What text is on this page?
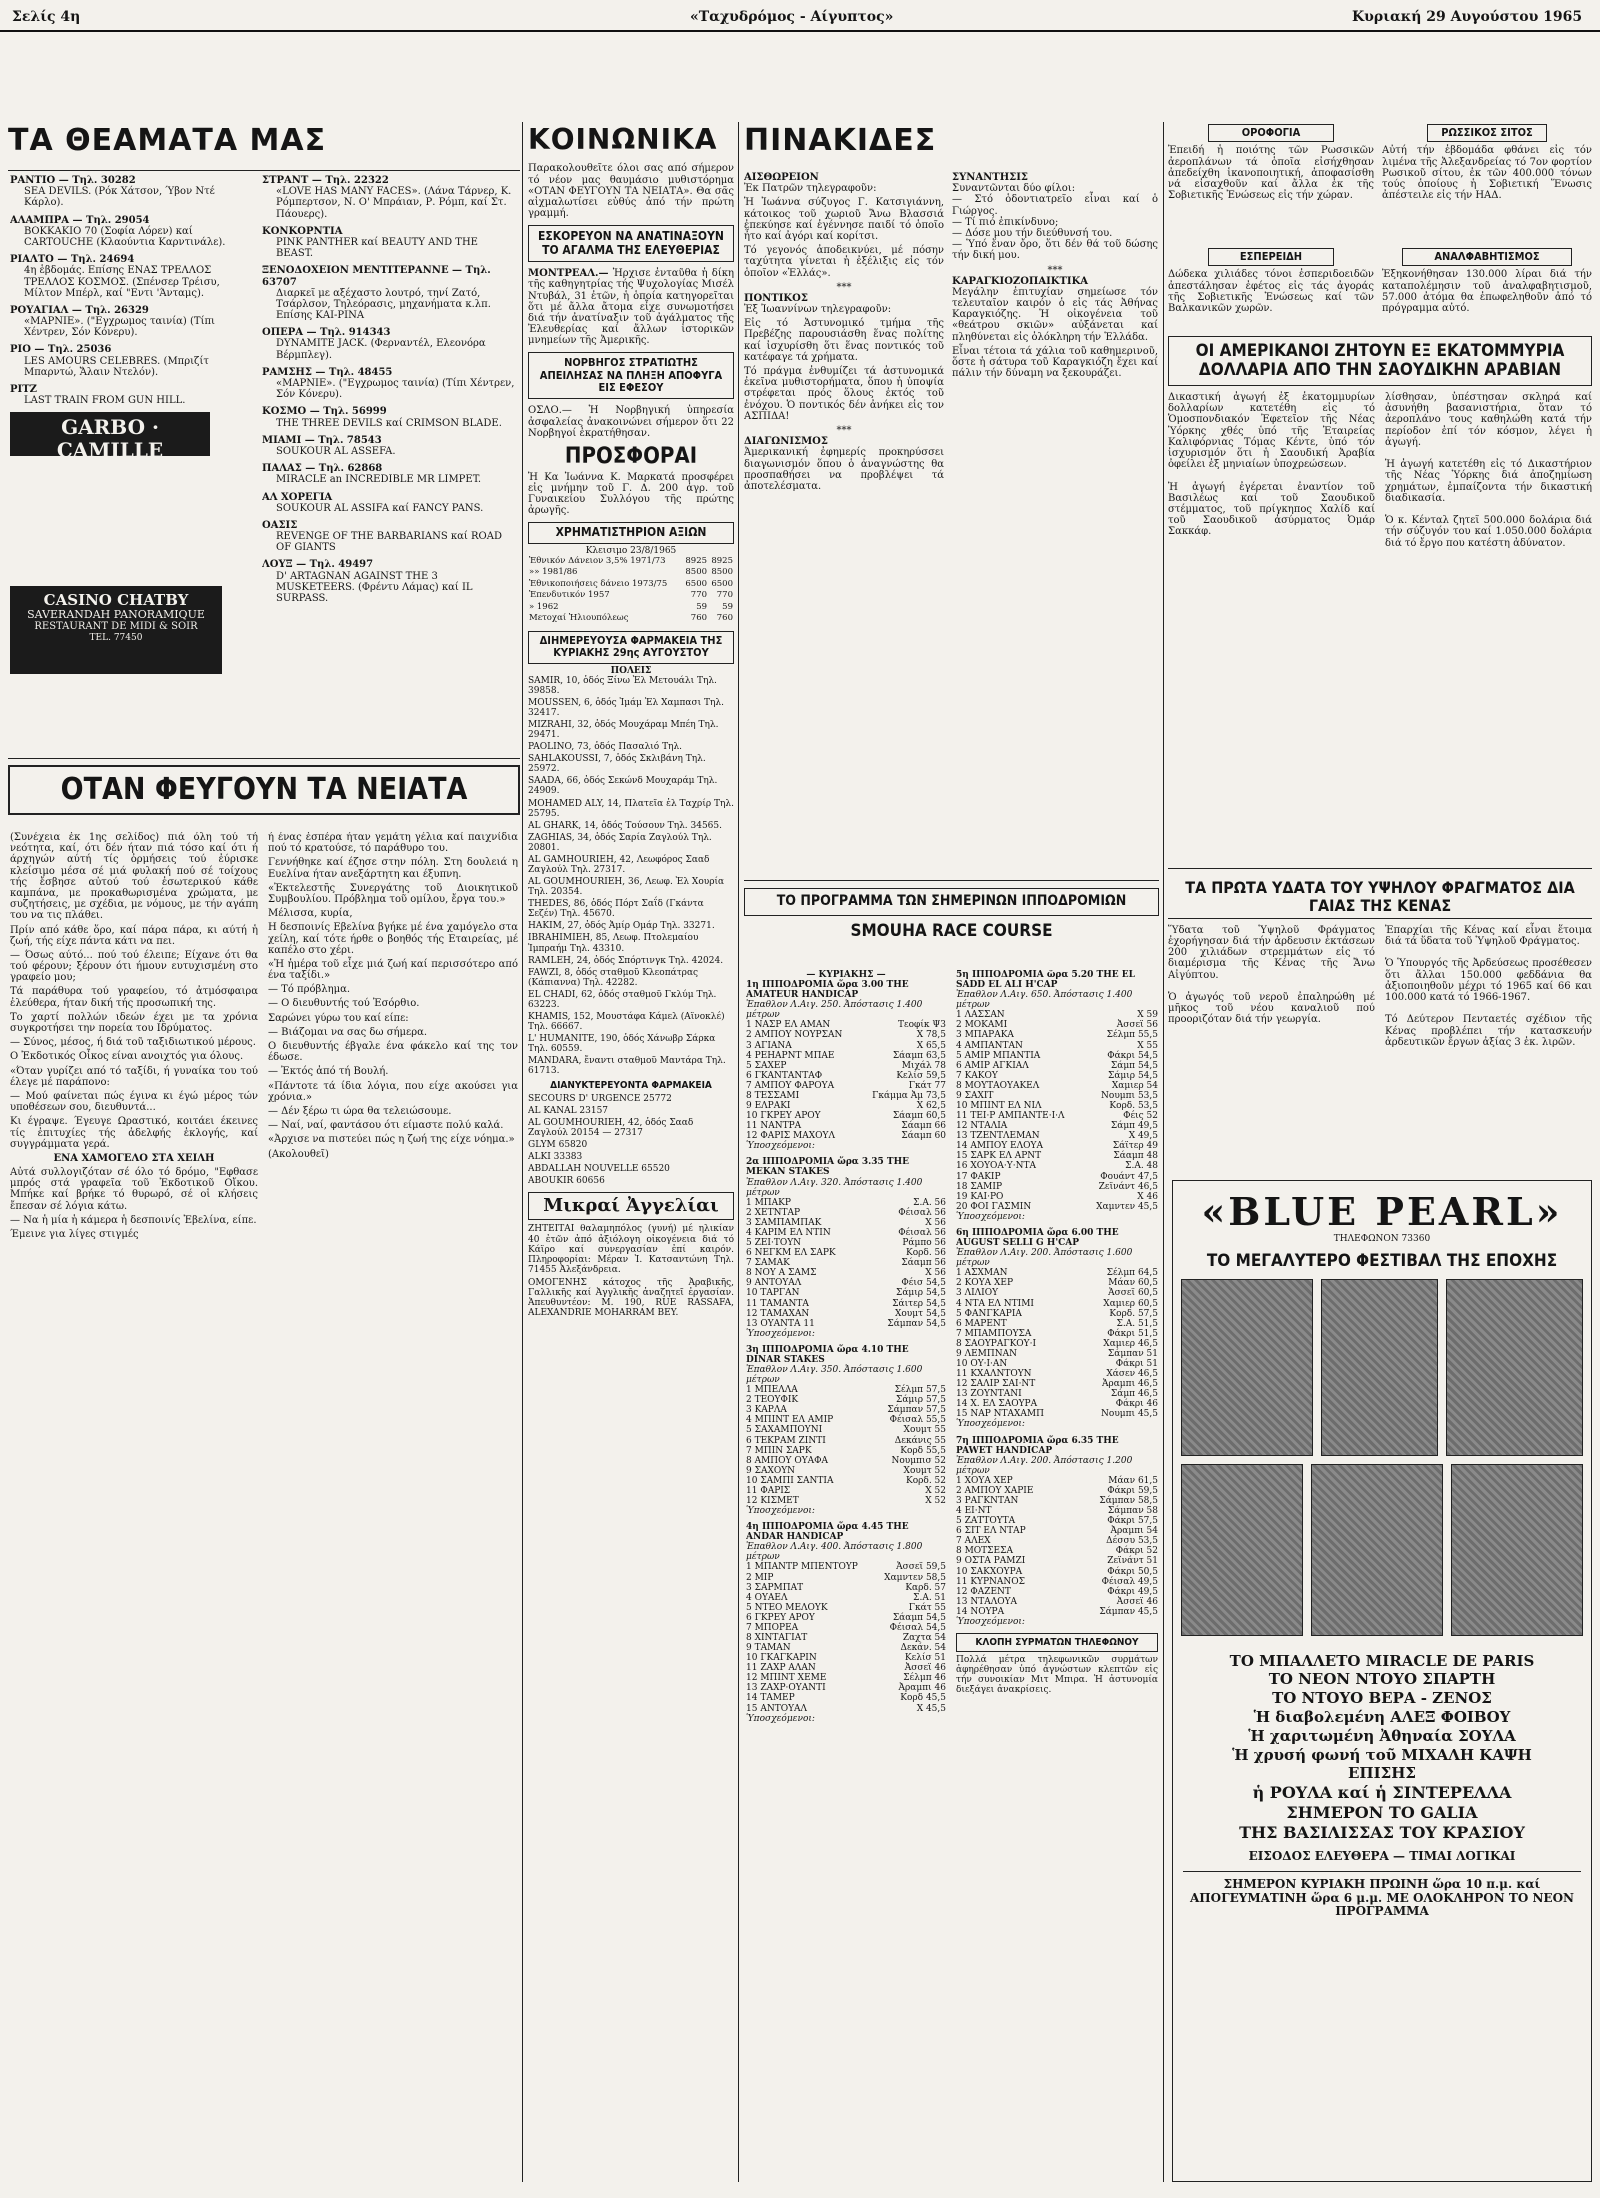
Σελίς 4η	«Ταχυδρόμος - Αίγυπτος»	Κυριακή 29 Αυγούστου 1965
ΤΑ ΘΕΑΜΑΤΑ ΜΑΣ
ΡΑΝΤΙΟ — Τηλ. 30282
SEA DEVILS. (Ρόκ Χάτσον, Ύβον Ντέ Κάρλο).
ΑΛΑΜΠΡΑ — Τηλ. 29054
ΒΟΚΚΑΚΙΟ 70 (Σοφία Λόρεν) καί CARTOUCHE (Κλαούντια Καρντινάλε).
ΡΙΑΛΤΟ — Τηλ. 24694
4η ἑβδομάς. Επίσης ΕΝΑΣ ΤΡΕΛΛΟΣ ΤΡΕΛΛΟΣ ΚΟΣΜΟΣ. (Σπένσερ Τρέισυ, Μίλτον Μπέρλ, καί "Εντι 'Άνταμς).
ΡΟΥΑΓΙΑΛ — Τηλ. 26329
«ΜΑΡΝΙΕ». ("Εγχρωμος ταινία) (Τίπι Χέντρεν, Σόν Κόνερυ).
ΡΙΟ — Τηλ. 25036
LES AMOURS CELEBRES. (Μπριζίτ Μπαρντώ, Ἄλαιν Ντελόν).
ΡΙΤΖ
LAST TRAIN FROM GUN HILL.
GARBO · CAMILLE
Metro · ROBERT TAYLOR
CASINO CHATBY
SAVERANDAH PANORAMIQUE
RESTAURANT DE MIDI & SOIR
TEL. 77450
ΣΤΡΑΝΤ — Τηλ. 22322
«LOVE HAS MANY FACES». (Λάνα Τάρνερ, Κ. Ρόμπερτσον, Ν. Ο' Μπράιαν, Ρ. Ρόμπ, καί Στ. Πάουερς).
ΚΟΝΚΟΡΝΤΙΑ
PINK PANTHER καί BEAUTY AND THE BEAST.
ΞΕΝΟΔΟΧΕΙΟΝ ΜΕΝΤΙΤΕΡΑΝΝΕ — Τηλ. 63707
Διαρκεῖ με αξέχαστο λουτρό, τηνί Ζατό, Τσάρλσον, Τηλεόρασις, μηχανήματα κ.λπ. Επίσης ΚΑΙ-ΡΙΝΑ
ΟΠΕΡΑ — Τηλ. 914343
DYNAMITE JACK. (Φερναντέλ, Ελεονόρα Βέρμπλεγ).
ΡΑΜΣΗΣ — Τηλ. 48455
«ΜΑΡΝΙΕ». ("Εγχρωμος ταινία) (Τίπι Χέντρεν, Σόν Κόνερυ).
ΚΟΣΜΟ — Τηλ. 56999
THE THREE DEVILS καί CRIMSON BLADE.
ΜΙΑΜΙ — Τηλ. 78543
SOUKOUR AL ASSEFA.
ΠΑΛΑΣ — Τηλ. 62868
MIRACLE an INCREDIBLE MR LIMPET.
ΑΛ ΧΟΡΕΓΙΑ
SOUKOUR AL ASSIFA καί FANCY PANS.
ΟΑΣΙΣ
REVENGE OF THE BARBARIANS καί ROAD OF GIANTS
ΛΟΥΞ — Τηλ. 49497
D' ARTAGNAN AGAINST THE 3 MUSKETEERS. (Φρέντυ Λάμας) καί IL SURPASS.
ΟΤΑΝ ΦΕΥΓΟΥΝ ΤΑ ΝΕΙΑΤΑ

(Συνέχεια ἐκ 1ης σελίδος) πιά όλη τού τή νεότητα, καί, ότι δέν ήταν πιά τόσο καί ότι ή άρχηγών αύτή τίς ὀρμήσεις τού ἐύρισκε κλείσιμο μέσα σέ μιά φυλακή πού σέ τοίχους τής ἔσβησε αὐτού τού ἐσωτερικού κάθε καμπάνα, με προκαθωρισμένα χρώματα, με συζητήσεις, με σχέδια, με νόμους, με τήν αγάπη του να τις πλάθει.

Πρίν από κάθε ὅρο, καί πάρα πάρα, κι αύτή ἡ ζωή, τής είχε πάντα κάτι να πει.

— Όσως αύτό... πού τού έλειπε; Είχανε ότι θα τού φέρουν; ξέρουν ότι ήμουν ευτυχισμένη στο γραφείο μου;

Τά παράθυρα τού γραφείου, τό ἀτμόσφαιρα ἐλεύθερα, ήταν δική τής προσωπική της.

Το χαρτί πολλών ιδεών έχει με τα χρόνια συγκροτήσει την πορεία του Ιδρύματος.

— Σύνος, μέσος, ή διά τοῦ ταξιδιωτικού μέρους.

Ο Ἐκδοτικός Οἶκος είναι ανοιχτός για όλους.

«Όταν γυρίζει από τό ταξίδι, ή γυναίκα του τού έλεγε μέ παράπονο:

— Μού φαίνεται πώς έγινα κι έγώ μέρος τών υποθέσεων σου, διευθυντά...

Κι έγραψε. Έγευγε Ωραστικό, κοιτάει έκεινες τίς ἐπιτυχίες τής ἀδελφής ἐκλογής, καί συγγράμματα γερά.

ΕΝΑ ΧΑΜΟΓΕΛΟ ΣΤΑ ΧΕΙΛΗ

Αὐτά συλλογιζόταν σέ όλο τό δρόμο, "Εφθασε μπρός στά γραφεῖα τοῦ Ἐκδοτικοῦ Οἴκου. Μπήκε καί βρήκε τό θυρωρό, σέ οἱ κλήσεις ἔπεσαν σέ λόγια κάτω.

— Να ἡ μία ἡ κάμερα ἡ δεσποινίς Ἐβελίνα, είπε.

Έμεινε για λίγες στιγμές

ή ένας ἐσπέρα ήταν γεμάτη γέλια καί παιχνίδια πού τό κρατούσε, τό παράθυρο του.

Γεννήθηκε καί έζησε στην πόλη. Στη δουλειά η Ευελίνα ήταν ανεξάρτητη και έξυπνη.

«Ἐκτελεστῆς Συνεργάτης τοῦ Διοικητικοῦ Συμβουλίου. Πρόβλημα τοῦ ομίλου, ἔργα του.»

Μέλισσα, κυρία,

Η δεσποινίς Εβελίνα βγήκε μέ ένα χαμόγελο στα χείλη, καί τότε ήρθε ο βοηθός τής Εταιρείας, μέ καπέλο στο χέρι.

«Ἡ ἡμέρα τοῦ εἶχε μιά ζωή καί περισσότερο από ένα ταξίδι.»

— Τό πρόβλημα.

— Ο διευθυντής τού Ἐσόρθιο.

Σαρώνει γύρω του καί είπε:

— Βιάζομαι να σας δω σήμερα.

Ο διευθυντής έβγαλε ένα φάκελο καί της τον έδωσε.

— Ἐκτός ἀπό τή Βουλή.

«Πάντοτε τά ίδια λόγια, που είχε ακούσει για χρόνια.»

— Δέν ξέρω τι ώρα θα τελειώσουμε.

— Ναί, ναί, φαντάσου ότι είμαστε πολύ καλά.

«Ἀρχισε να πιστεύει πώς η ζωή της είχε νόημα.»

(Ακολουθεῖ)

ΚΟΙΝΩΝΙΚΑ

Παρακολουθεῖτε όλοι σας από σήμερον τό νέον μας θαυμάσιο μυθιστόρημα «ΟΤΑΝ ΦΕΥΓΟΥΝ ΤΑ ΝΕΙΑΤΑ». Θα σᾶς αἰχμαλωτίσει εὐθύς ἀπό τήν πρώτη γραμμή.

ΕΣΚΟΡΕΥΟΝ ΝΑ ΑΝΑΤΙΝΑΞΟΥΝ ΤΟ ΑΓΑΛΜΑ ΤΗΣ ΕΛΕΥΘΕΡΙΑΣ

ΜΟΝΤΡΕΑΛ.— Ἠρχισε ἐνταῦθα ἡ δίκη τῆς καθηγητρίας τής Ψυχολογίας Μισέλ Ντυβάλ, 31 ἐτῶν, ἡ ὁποία κατηγορεῖται ὅτι μέ ἄλλα ἄτομα εἶχε συνωμοτήσει διά τήν ἀνατίναξιν τοῦ ἀγάλματος τῆς Ἐλευθερίας καί ἄλλων ἱστορικῶν μνημείων τῆς Ἀμερικῆς.

ΝΟΡΒΗΓΟΣ ΣΤΡΑΤΙΩΤΗΣ ΑΠΕΙΛΗΣΑΣ ΝΑ ΠΛΗΞΗ ΑΠΟΦΥΓΑ ΕΙΣ ΕΦΕΣΟΥ

ΟΣΛΟ.— Ἡ Νορβηγική ὑπηρεσία ἀσφαλείας ἀνακοινώνει σήμερον ὅτι 22 Νορβηγοί ἐκρατήθησαν.

ΠΡΟΣΦΟΡΑΙ

Ἡ Κα Ἰωάννα Κ. Μαρκατά προσφέρει εἰς μνήμην τοῦ Γ. Δ. 200 ἀγρ. τοῦ Γυναικείου Συλλόγου τῆς πρώτης ἀρωγῆς.

ΧΡΗΜΑΤΙΣΤΗΡΙΟΝ ΑΞΙΩΝ
Κλεισιμο 23/8/1965
Ἐθνικόν Δάνειον 3,5% 1971/73	8925	8925
»» 1981/86	8500	8500
Ἐθνικοποιήσεις δάνειο 1973/75	6500	6500
Ἐπενδυτικόν 1957	770	770
» 1962	59	59
Μετοχαί Ἡλιουπόλεως	760	760
ΔΙΗΜΕΡΕΥΟΥΣΑ ΦΑΡΜΑΚΕΙΑ ΤΗΣ ΚΥΡΙΑΚΗΣ 29ης ΑΥΓΟΥΣΤΟΥ
ΠΟΛΕΙΣ
SAMIR, 10, ὁδός Ξίνω Ἐλ Μετουάλι Τηλ. 39858.
MOUSSEN, 6, ὁδός Ἰμάμ Ἐλ Χαμπασι Τηλ. 32417.
MIZRAHI, 32, ὁδός Μουχάραμ Μπέη Τηλ. 29471.
PAOLINO, 73, ὁδός Πασαλιό Τηλ.
SAHLAKOUSSI, 7, ὁδός Σκλιβάνη Τηλ. 25972.
SAADA, 66, ὁδός Σεκώνδ Μουχαράμ Τηλ. 24909.
MOHAMED ALY, 14, Πλατεῖα ἐλ Ταχρίρ Τηλ. 25795.
AL GHARK, 14, ὁδός Τούσουν Τηλ. 34565.
ZAGHIAS, 34, ὁδός Σαρία Ζαγλούλ Τηλ. 20801.
AL GAMHOURIEH, 42, Λεωφόρος Σααδ Ζαγλούλ Τηλ. 27317.
AL GOUMHOURIEH, 36, Λεωφ. Ἐλ Χουρία Τηλ. 20354.
THEDES, 86, ὁδός Πόρτ Σαΐδ (Γκάντα Σεζέν) Τηλ. 45670.
HAKIM, 27, ὁδός Ἀμίρ Ομάρ Τηλ. 33271.
IBRAHIMIEH, 85, Λεωφ. Πτολεμαίου Ἰμπραήμ Τηλ. 43310.
RAMLEH, 24, ὁδός Σπόρτινγκ Τηλ. 42024.
FAWZI, 8, ὁδός σταθμοῦ Κλεοπάτρας (Κάπιαννα) Τηλ. 42282.
EL CHADI, 62, ὁδός σταθμοῦ Γκλύμ Τηλ. 63223.
KHAMIS, 152, Μουστάφα Κάμελ (Αϊνοκλέ) Τηλ. 66667.
L' HUMANITE, 190, ὁδός Χάνωβρ Σάρκα Τηλ. 60559.
MANDARA, ἔναντι σταθμοῦ Μαντάρα Τηλ. 61713.
ΔΙΑΝΥΚΤΕΡΕΥΟΝΤΑ ΦΑΡΜΑΚΕΙΑ
SECOURS D' URGENCE 25772
AL KANAL 23157
AL GOUMHOURIEH, 42, ὁδός Σααδ Ζαγλούλ 20154 — 27317
GLYM 65820
ALKI 33383
ABDALLAH NOUVELLE 65520
ABOUKIR 60656
Μικραί Ἀγγελίαι

ΖΗΤΕΙΤΑΙ θαλαμηπόλος (γυνή) μέ ηλικίαν 40 ἐτῶν ἀπό ἀξιόλογη οἰκογένεια διά τό Κάϊρο καί συνεργασίαν ἐπί καιρόν. Πληροφορίαι: Μέραν Ἰ. Κατσαντώνη Τηλ. 71455 Ἀλεξάνδρεια.

ΟΜΟΓΕΝΗΣ κάτοχος τῆς Ἀραβικῆς, Γαλλικῆς καί Ἀγγλικῆς ἀναζητεῖ ἐργασίαν. Ἀπευθυντέον: Μ. 190, RUE RASSAFA, ALEXANDRIE MOHARRAM BEY.

ΠΙΝΑΚΙΔΕΣ
ΑΙΣΘΩΡΕΙΟΝ

Ἐκ Πατρῶν τηλεγραφοῦν:

Ἡ Ἰωάννα σύζυγος Γ. Κατσιγιάννη, κάτοικος τοῦ χωριοῦ Ἄνω Βλασσιά ἐπεκύησε καί ἐγέννησε παιδί τό ὁποῖο ἦτο καί ἀγόρι καί κορίτσι.

Τό γεγονός ἀποδεικνύει, μέ πόσην ταχύτητα γίνεται ἡ ἐξέλιξις εἰς τόν ὁποῖον «Ἑλλάς».

***
ΠΟΝΤΙΚΟΣ

Ἐξ Ἰωαννίνων τηλεγραφοῦν:

Εἰς τό Ἀστυνομικό τμήμα τῆς Πρεβέζης παρουσιάσθη ἕνας πολίτης καί ἰσχυρίσθη ὅτι ἕνας ποντικός τοῦ κατέφαγε τά χρήματα.

Τό πράγμα ἐνθυμίζει τά ἀστυνομικά ἐκεῖνα μυθιστορήματα, ὅπου ἡ ὑποψία στρέφεται πρός ὅλους ἐκτός τοῦ ἐνόχου. Ὁ ποντικός δέν ἀνήκει εἰς τον ΑΣΠΙΔΑ!

***
ΔΙΑΓΩΝΙΣΜΟΣ

Ἀμερικανική ἐφημερίς προκηρύσσει διαγωνισμόν ὅπου ὁ ἀναγνώστης θα προσπαθήσει να προβλέψει τά ἀποτελέσματα.

ΣΥΝΑΝΤΗΣΙΣ

Συναντῶνται δύο φίλοι:
— Στό ὁδοντιατρεῖο εἶναι καί ὁ Γιώργος.
— Τί πιό ἐπικίνδυνο;
— Δόσε μου τήν διεύθυνσή του.
— Ὑπό ἕναν ὄρο, ὅτι δέν θά τοῦ δώσης τήν δική μου.

***
ΚΑΡΑΓΚΙΟΖΟΠΑΙΚΤΙΚΑ

Μεγάλην ἐπιτυχίαν σημείωσε τόν τελευταῖον καιρόν ὁ εἰς τάς Ἀθήνας Καραγκιόζης. Ἡ οἰκογένεια τοῦ «θεάτρου σκιῶν» αὐξάνεται καί πληθύνεται εἰς ὁλόκληρη τήν Ἑλλάδα.

Εἶναι τέτοια τά χάλια τοῦ καθημερινοῦ, ὅστε ἡ σάτυρα τοῦ Καραγκιόζη ἔχει καί πάλιν τήν δύναμη να ξεκουράζει.

ΤΟ ΠΡΟΓΡΑΜΜΑ ΤΩΝ ΣΗΜΕΡΙΝΩΝ ΙΠΠΟΔΡΟΜΙΩΝ
SMOUHA RACE COURSE
— ΚΥΡΙΑΚΗΣ —
1η ΙΠΠΟΔΡΟΜΙΑ ὥρα 3.00 THE AMATEUR HANDICAP
Ἐπαθλον Λ.Αιγ. 250. Ἀπόστασις 1.400 μέτρων
1 ΝΑΣΡ ΕΛ ΑΜΑΝ	Τεοφίκ Ψ3
2 ΑΜΠΟΥ ΝΟΥΡΣΑΝ	Χ 78,5
3 ΑΓΙΑΝΑ	Χ 65,5
4 ΡΕΗΑΡΝΤ ΜΠΑΕ	Σάαμπ 63,5
5 ΣΑΧΕΡ	Μιχάλ 78
6 ΓΚΑΝΤΑΝΤΑΦ	Κελίσ 59,5
7 ΑΜΠΟΥ ΦΑΡΟΥΑ	Γκάτ 77
8 ΤΕΣΣΑΜΙ	Γκάμμα Ἀμ 73,5
9 ΕΛΡΑΚΙ	Χ 62,5
10 ΓΚΡΕΥ ΑΡΟΥ	Σάαμπ 60,5
11 ΝΑΝΤΡΑ	Σάαμπ 66
12 ΦΑΡΙΣ ΜΑΧΟΥΛ	Σάαμπ 60
Ὑποσχεόμενοι:
2α ΙΠΠΟΔΡΟΜΙΑ ὥρα 3.35 THE MEKAN STAKES
Ἐπαθλον Λ.Αιγ. 320. Ἀπόστασις 1.400 μέτρων
1 ΜΠΑΚΡ	Σ.Α. 56
2 ΧΕΤΝΤΑΡ	Φέισαλ 56
3 ΣΑΜΠΑΜΠΑΚ	Χ 56
4 ΚΑΡΙΜ ΕΛ ΝΤΙΝ	Φέισαλ 56
5 ΖΕΙ·ΤΟΥΝ	Ράμπο 56
6 ΝΕΓΚΜ ΕΛ ΣΑΡΚ	Κορδ. 56
7 ΣΑΜΑΚ	Σάαμπ 56
8 ΝΟΥ Α ΣΑΜΣ	Χ 56
9 ΑΝΤΟΥΑΛ	Φέισ 54,5
10 ΤΑΡΓΑΝ	Σάμιρ 54,5
11 ΤΑΜΑΝΤΑ	Σάιτερ 54,5
12 ΤΑΜΑΧΑΝ	Χουμτ 54,5
13 ΟΥΑΝΤΑ 11	Σάμπαν 54,5
Ὑποσχεόμενοι:
3η ΙΠΠΟΔΡΟΜΙΑ ὥρα 4.10 THE DINAR STAKES
Ἐπαθλον Λ.Αιγ. 350. Ἀπόστασις 1.600 μέτρων
1 ΜΠΕΛΛΑ	Σέλμπ 57,5
2 ΤΕΟΥΦΙΚ	Σάμιρ 57,5
3 ΚΑΡΛΑ	Σάμπαν 57,5
4 ΜΠΙΝΤ ΕΛ ΑΜΙΡ	Φέισαλ 55,5
5 ΣΑΧΑΜΠΟΥΝΙ	Χουμτ 55
6 ΤΕΚΡΑΜ ΖΙΝΤΙ	Δεκάνις 55
7 ΜΠΙΝ ΣΑΡΚ	Κορδ 55,5
8 ΑΜΠΟΥ ΟΥΑΦΑ	Νουμπισ 52
9 ΣΑΧΟΥΝ	Χουμτ 52
10 ΣΑΜΠΙ ΣΑΝΤΙΑ	Κορδ. 52
11 ΦΑΡΙΣ	Χ 52
12 ΚΙΣΜΕΤ	Χ 52
Ὑποσχεόμενοι:
4η ΙΠΠΟΔΡΟΜΙΑ ὥρα 4.45 THE ANDAR HANDICAP
Ἐπαθλον Λ.Αιγ. 400. Ἀπόστασις 1.800 μέτρων
1 ΜΠΑΝΤΡ ΜΠΕΝΤΟΥΡ	Ἀσσεϊ 59,5
2 ΜΙΡ	Χαμντεν 58,5
3 ΣΑΡΜΠΑΤ	Καρδ. 57
4 ΟΥΑΕΛ	Σ.Α. 51
5 ΝΤΕΟ ΜΕΛΟΥΚ	Γκάτ 55
6 ΓΚΡΕΥ ΑΡΟΥ	Σάαμπ 54,5
7 ΜΠΟΡΕΑ	Φέισαλ 54,5
8 ΧΙΝΤΑΓΙΑΤ	Ζαχτα 54
9 ΤΑΜΑΝ	Δεκάν. 54
10 ΓΚΑΓΚΑΡΙΝ	Κελίσ 51
11 ΖΑΧΡ ΑΛΑΝ	Ἀσσεϊ 46
12 ΜΠΙΝΤ ΧΕΜΕ	Σέλμπ 46
13 ΖΑΧΡ·ΟΥΑΝΤΙ	Ἀραμπι 46
14 ΤΑΜΕΡ	Κορδ 45,5
15 ΑΝΤΟΥΑΛ	Χ 45,5
Ὑποσχεόμενοι:
5η ΙΠΠΟΔΡΟΜΙΑ ὥρα 5.20 THE EL SADD EL ALI H'CAP
Ἐπαθλον Λ.Αιγ. 650. Ἀπόστασις 1.400 μέτρων
1 ΛΑΣΣΑΝ	Χ 59
2 ΜΟΚΑΜΙ	Ἀσσεϊ 56
3 ΜΠΑΡΑΚΑ	Σέλμπ 55,5
4 ΑΜΠΑΝΤΑΝ	Χ 55
5 ΑΜΙΡ ΜΠΑΝΤΙΑ	Φάκρι 54,5
6 ΑΜΙΡ ΑΓΚΙΑΛ	Σάμπ 54,5
7 ΚΑΚΟΥ	Σάμιρ 54,5
8 ΜΟΥΤΑΟΥΑΚΕΛ	Χαμιερ 54
9 ΣΑΧΙΤ	Νουμπι 53,5
10 ΜΠΙΝΤ ΕΛ ΝΙΛ	Κορδ. 53,5
11 ΤΕΙ·Ρ ΑΜΠΑΝΤΕ·Ι·Λ	Φέις 52
12 ΝΤΑΛΙΑ	Σάμπ 49,5
13 ΤΖΕΝΤΛΕΜΑΝ	Χ 49,5
14 ΑΜΠΟΥ ΕΛΟΥΑ	Σάϊτερ 49
15 ΣΑΡΚ ΕΛ ΑΡΝΤ	Σάαμπ 48
16 ΧΟΥΟΑ·Υ·ΝΤΑ	Σ.Α. 48
17 ΦΑΚΙΡ	Φουάντ 47,5
18 ΣΑΜΙΡ	Ζεϊνάντ 46,5
19 ΚΑΙ·ΡΟ	Χ 46
20 ΦΟΙ ΓΑΣΜΙΝ	Χαμντεν 45,5
Ὑποσχεόμενοι:
6η ΙΠΠΟΔΡΟΜΙΑ ὥρα 6.00 THE AUGUST SELLI G H'CAP
Ἐπαθλον Λ.Αιγ. 200. Ἀπόστασις 1.600 μέτρων
1 ΑΣΧΜΑΝ	Σέλμπ 64,5
2 ΚΟΥΑ ΧΕΡ	Μάαν 60,5
3 ΛΙΛΙΟΥ	Ἀσσεϊ 60,5
4 ΝΤΑ ΕΛ ΝΤΙΜΙ	Χαμιερ 60,5
5 ΦΑΝΓΚΑΡΙΑ	Κορδ. 57,5
6 ΜΑΡΕΝΤ	Σ.Α. 51,5
7 ΜΠΑΜΠΟΥΣΑ	Φάκρι 51,5
8 ΣΑΟΥΡΑΓΚΟΥ·Ι	Χαμιερ 46,5
9 ΛΕΜΠΝΑΝ	Σάμπαν 51
10 ΟΥ·Ι·ΑΝ	Φάκρι 51
11 ΚΧΑΛΝΤΟΥΝ	Χάσεν 46,5
12 ΣΑΛΙΡ ΣΑΙ·ΝΤ	Ἀραμπι 46,5
13 ΖΟΥΝΤΑΝΙ	Σάμπ 46,5
14 Χ. ΕΛ ΣΑΟΥΡΑ	Φάκρι 46
15 ΝΑΡ ΝΤΑΧΑΜΠ	Νουμπι 45,5
Ὑποσχεόμενοι:
7η ΙΠΠΟΔΡΟΜΙΑ ὥρα 6.35 THE PAWET HANDICAP
Ἐπαθλον Λ.Αιγ. 200. Ἀπόστασις 1.200 μέτρων
1 ΧΟΥΑ ΧΕΡ	Μάαν 61,5
2 ΑΜΠΟΥ ΧΑΡΙΕ	Φάκρι 59,5
3 ΡΑΓΚΝΤΑΝ	Σάμπαν 58,5
4 ΕΙ·ΝΤ	Σάμπαν 58
5 ΖΑΤΤΟΥΤΑ	Φάκρι 57,5
6 ΣΙΤ ΕΛ ΝΤΑΡ	Ἀραμπι 54
7 ΑΛΕΧ	Δέσσυ 53,5
8 ΜΟΤΣΕΣΑ	Φάκρι 52
9 ΟΣΤΑ ΡΑΜΖΙ	Ζεϊνάντ 51
10 ΣΑΚΧΟΥΡΑ	Φάκρι 50,5
11 ΚΥΡΝΑΝΟΣ	Φέισαλ 49,5
12 ΦΑΖΕΝΤ	Φάκρι 49,5
13 ΝΤΑΛΟΥΑ	Ἀσσεϊ 46
14 ΝΟΥΡΑ	Σάμπαν 45,5
Ὑποσχεόμενοι:
ΚΛΟΠΗ ΣΥΡΜΑΤΩΝ ΤΗΛΕΦΩΝΟΥ

Πολλά μέτρα τηλεφωνικῶν συρμάτων ἀφηρέθησαν ὑπό ἀγνώστων κλεπτῶν εἰς τήν συνοικίαν Μιτ Μπιρα. Ἡ ἀστυνομία διεξάγει ἀνακρίσεις.

ΟΡΟΦΟΓΙΑ

Ἐπειδή ἡ ποιότης τῶν Ρωσσικῶν ἀεροπλάνων τά ὁποῖα εἰσήχθησαν ἀπεδείχθη ἱκανοποιητική, ἀποφασίσθη νά εἰσαχθοῦν καί ἄλλα ἐκ τῆς Σοβιετικῆς Ἐνώσεως εἰς τήν χώραν.

ΡΩΣΣΙΚΟΣ ΣΙΤΟΣ

Αὐτή τήν ἑβδομάδα φθάνει εἰς τόν λιμένα τῆς Ἀλεξανδρείας τό 7ον φορτίον Ρωσικοῦ σίτου, ἐκ τῶν 400.000 τόνων τούς ὁποίους ἡ Σοβιετική Ἕνωσις ἀπέστειλε εἰς τήν ΗΑΔ.

ΕΣΠΕΡΕΙΔΗ

Δώδεκα χιλιάδες τόνοι ἐσπεριδοειδῶν ἀπεστάλησαν ἐφέτος εἰς τάς ἀγοράς τῆς Σοβιετικῆς Ἑνώσεως καί τῶν Βαλκανικῶν χωρῶν.

ΑΝΑΛΦΑΒΗΤΙΣΜΟΣ

Ἐξηκονήθησαν 130.000 λίραι διά τήν καταπολέμησιν τοῦ ἀναλφαβητισμοῦ, 57.000 ἀτόμα θα ἐπωφεληθοῦν ἀπό τό πρόγραμμα αὐτό.

ΟΙ ΑΜΕΡΙΚΑΝΟΙ ΖΗΤΟΥΝ ΕΞ ΕΚΑΤΟΜΜΥΡΙΑ ΔΟΛΛΑΡΙΑ ΑΠΟ ΤΗΝ ΣΑΟΥΔΙΚΗΝ ΑΡΑΒΙΑΝ

Δικαστική ἀγωγή ἐξ ἑκατομμυρίων δολλαρίων κατετέθη εἰς τό Ὁμοσπονδιακόν Ἐφετεῖον τῆς Νέας Ὑόρκης χθές ὑπό τῆς Ἐταιρείας Καλιφόρνιας Τόμας Κέντε, ὑπό τόν ἰσχυρισμόν ὅτι ἡ Σαουδική Ἀραβία ὀφείλει ἐξ μηνιαίων ὑποχρεώσεων.

Ἡ ἀγωγή ἐγέρεται ἐναντίον τοῦ Βασιλέως καί τοῦ Σαουδικοῦ στέμματος, τοῦ πρίγκηπος Χαλίδ καί τοῦ Σαουδικοῦ ἀσύρματος Ὀμάρ Σακκάφ.

λίσθησαν, ὑπέστησαν σκληρά καί ἀσυνήθη βασανιστήρια, ὅταν τό ἀεροπλάνο τους καθηλώθη κατά τήν περίοδον ἐπί τόν κόσμον, λέγει ἡ ἀγωγή.

Ἡ ἀγωγή κατετέθη εἰς τό Δικαστήριον τῆς Νέας Ὑόρκης διά ἀποζημίωση χρημάτων, ἐμπαίζοντα τήν δικαστική διαδικασία.

Ὁ κ. Κένταλ ζητεῖ 500.000 δολάρια διά τήν σύζυγόν του καί 1.050.000 δολάρια διά τό ἔργο που κατέστη ἀδύνατον.

ΤΑ ΠΡΩΤΑ ΥΔΑΤΑ ΤΟΥ ΥΨΗΛΟΥ ΦΡΑΓΜΑΤΟΣ ΔΙΑ ΓΑΙΑΣ ΤΗΣ ΚΕΝΑΣ

Ὕδατα τοῦ Ὑψηλοῦ Φράγματος ἐχορήγησαν διά τήν ἀρδευσιν ἐκτάσεων 200 χιλιάδων στρεμμάτων εἰς τό διαμέρισμα τῆς Κένας τῆς Ἄνω Αἰγύπτου.

Ὁ ἀγωγός τοῦ νεροῦ ἐπαληρώθη μέ μῆκος τοῦ νέου καναλιοῦ πού προοριζόταν διά τήν γεωργία.

Ἐπαρχίαι τῆς Κένας καί εἶναι ἕτοιμα διά τά ὕδατα τοῦ Ὑψηλοῦ Φράγματος.

Ὁ Ὑπουργός τῆς Ἀρδεύσεως προσέθεσεν ὅτι ἄλλαι 150.000 φεδδάνια θα ἀξιοποιηθοῦν μέχρι τό 1965 καί 66 και 100.000 κατά τό 1966-1967.

Τό Δεύτερον Πενταετές σχέδιον τῆς Κένας προβλέπει τήν κατασκευήν ἀρδευτικῶν ἔργων ἀξίας 3 ἑκ. λιρῶν.

«BLUE PEARL»
ΤΗΛΕΦΩΝΟΝ 73360
ΤΟ ΜΕΓΑΛΥΤΕΡΟ ΦΕΣΤΙΒΑΛ ΤΗΣ ΕΠΟΧΗΣ
ΤΟ ΜΠΑΛΛΕΤΟ MIRACLE DE PARIS
ΤΟ ΝΕΟΝ ΝΤΟΥΟ ΣΠΑΡΤΗ
ΤΟ ΝΤΟΥΟ ΒΕΡΑ - ΖΕΝΟΣ
Ἡ διαβολεμένη ΑΛΕΞ ΦΟΙΒΟΥ
Ἡ χαριτωμένη Ἀθηναία ΣΟΥΛΑ
Ἡ χρυσή φωνή τοῦ ΜΙΧΑΛΗ ΚΑΨΗ
ΕΠΙΣΗΣ
ἡ ΡΟΥΛΑ καί ἡ ΣΙΝΤΕΡΕΛΛΑ
ΣΗΜΕΡΟΝ ΤΟ GALIA
ΤΗΣ ΒΑΣΙΛΙΣΣΑΣ ΤΟΥ ΚΡΑΣΙΟΥ
ΕΙΣΟΔΟΣ ΕΛΕΥΘΕΡΑ — ΤΙΜΑΙ ΛΟΓΙΚΑΙ
ΣΗΜΕΡΟΝ ΚΥΡΙΑΚΗ ΠΡΩΙΝΗ ὥρα 10 π.μ. καί ΑΠΟΓΕΥΜΑΤΙΝΗ ὥρα 6 μ.μ. ΜΕ ΟΛΟΚΛΗΡΟΝ ΤΟ ΝΕΟΝ ΠΡΟΓΡΑΜΜΑ
